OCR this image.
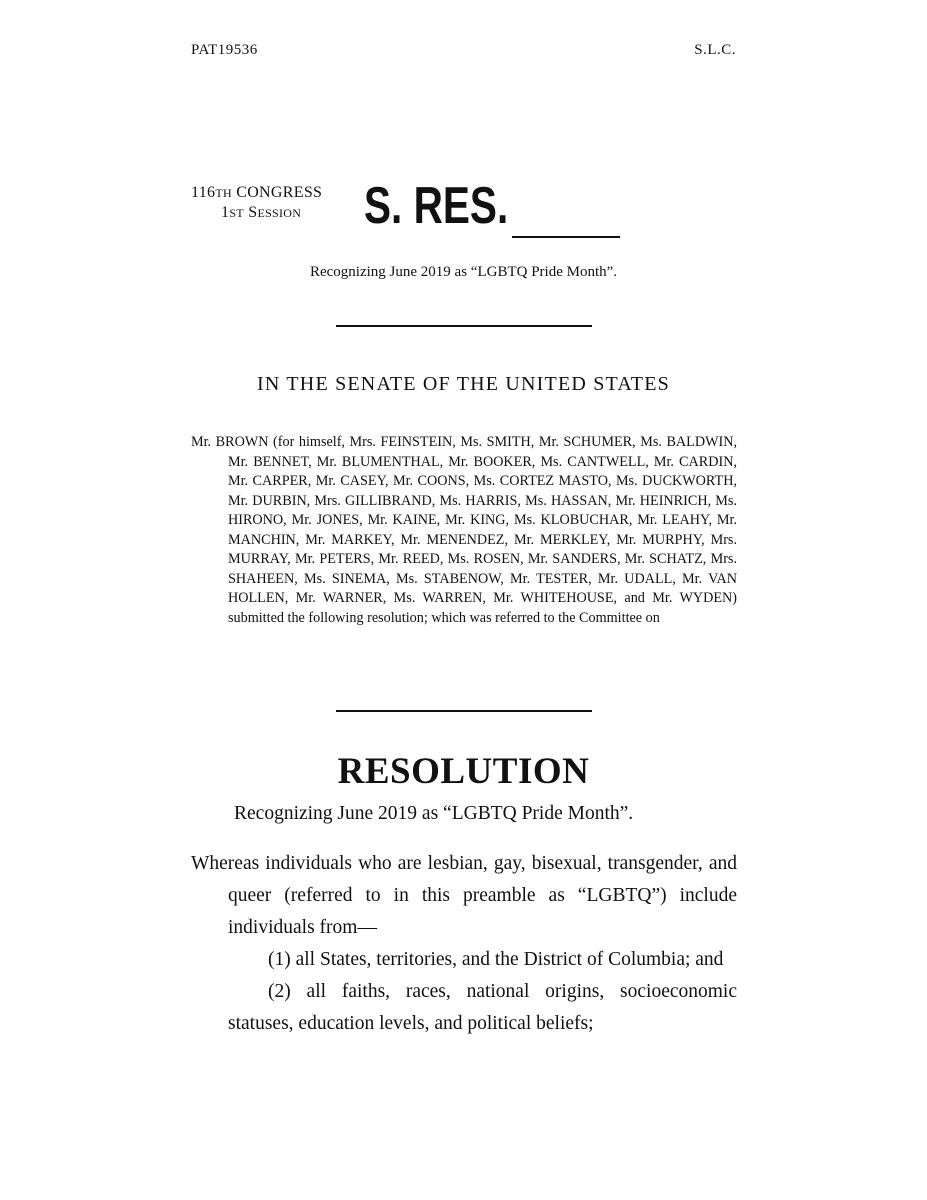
PAT19536	S.L.C.
116TH CONGRESS
1ST SESSION	S. RES.
Recognizing June 2019 as “LGBTQ Pride Month”.
IN THE SENATE OF THE UNITED STATES

Mr. BROWN (for himself, Mrs. FEINSTEIN, Ms. SMITH, Mr. SCHUMER, Ms. BALDWIN, Mr. BENNET, Mr. BLUMENTHAL, Mr. BOOKER, Ms. CANTWELL, Mr. CARDIN, Mr. CARPER, Mr. CASEY, Mr. COONS, Ms. CORTEZ MASTO, Ms. DUCKWORTH, Mr. DURBIN, Mrs. GILLIBRAND, Ms. HARRIS, Ms. HASSAN, Mr. HEINRICH, Ms. HIRONO, Mr. JONES, Mr. KAINE, Mr. KING, Ms. KLOBUCHAR, Mr. LEAHY, Mr. MANCHIN, Mr. MARKEY, Mr. MENENDEZ, Mr. MERKLEY, Mr. MURPHY, Mrs. MURRAY, Mr. PETERS, Mr. REED, Ms. ROSEN, Mr. SANDERS, Mr. SCHATZ, Mrs. SHAHEEN, Ms. SINEMA, Ms. STABENOW, Mr. TESTER, Mr. UDALL, Mr. VAN HOLLEN, Mr. WARNER, Ms. WARREN, Mr. WHITEHOUSE, and Mr. WYDEN) submitted the following resolution; which was referred to the Committee on

RESOLUTION
Recognizing June 2019 as “LGBTQ Pride Month”.

Whereas individuals who are lesbian, gay, bisexual, transgender, and queer (referred to in this preamble as “LGBTQ”) include individuals from—

(1) all States, territories, and the District of Columbia; and

(2) all faiths, races, national origins, socioeconomic statuses, education levels, and political beliefs;
